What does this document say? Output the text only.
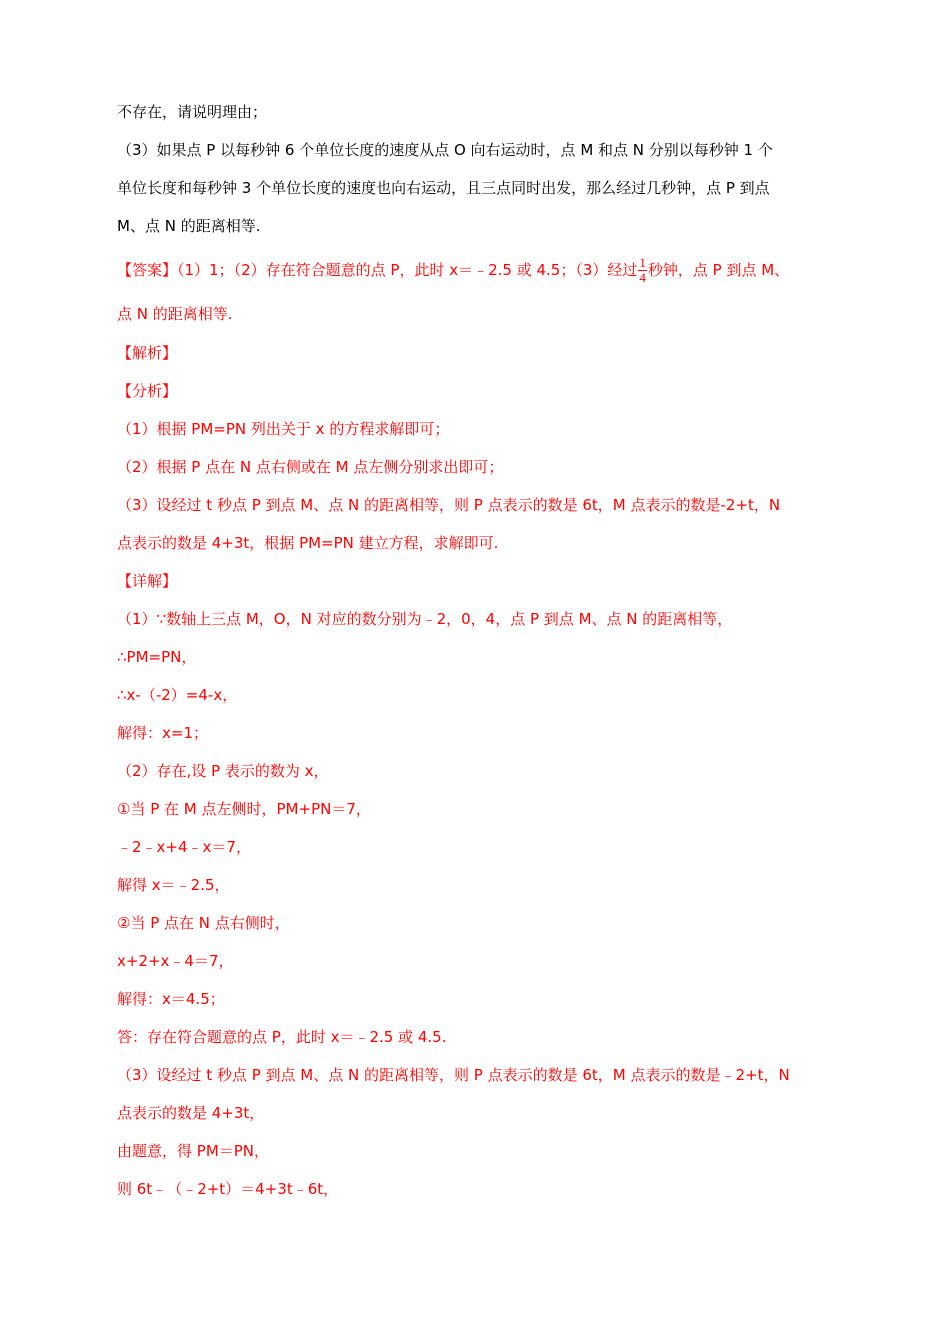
不存在，请说明理由；
（3）如果点 P 以每秒钟 6 个单位长度的速度从点 O 向右运动时，点 M 和点 N 分别以每秒钟 1 个
单位长度和每秒钟 3 个单位长度的速度也向右运动，且三点同时出发，那么经过几秒钟，点 P 到点
M、点 N 的距离相等.
【答案】（1）1；（2）存在符合题意的点 P，此时 x＝﹣2.5 或 4.5；（3）经过 $\frac{1}{4}$ 秒钟，点 P 到点 M、
点 N 的距离相等.
【解析】
【分析】
（1）根据 PM=PN 列出关于 x 的方程求解即可；
（2）根据 P 点在 N 点右侧或在 M 点左侧分别求出即可；
（3）设经过 t 秒点 P 到点 M、点 N 的距离相等，则 P 点表示的数是 6t，M 点表示的数是-2+t，N
点表示的数是 4+3t，根据 PM=PN 建立方程，求解即可.
【详解】
（1）∵数轴上三点 M，O，N 对应的数分别为﹣2，0，4，点 P 到点 M、点 N 的距离相等，
∴PM=PN，
∴x-（-2）=4-x，
解得：x=1；
（2）存在,设 P 表示的数为 x，
①当 P 在 M 点左侧时，PM+PN＝7，
﹣2﹣x+4﹣x＝7，
解得 x＝﹣2.5，
②当 P 点在 N 点右侧时，
x+2+x﹣4＝7，
解得：x＝4.5；
答：存在符合题意的点 P，此时 x＝﹣2.5 或 4.5.
（3）设经过 t 秒点 P 到点 M、点 N 的距离相等，则 P 点表示的数是 6t，M 点表示的数是﹣2+t，N
点表示的数是 4+3t，
由题意，得 PM＝PN，
则 6t﹣（﹣2+t）＝4+3t﹣6t，
